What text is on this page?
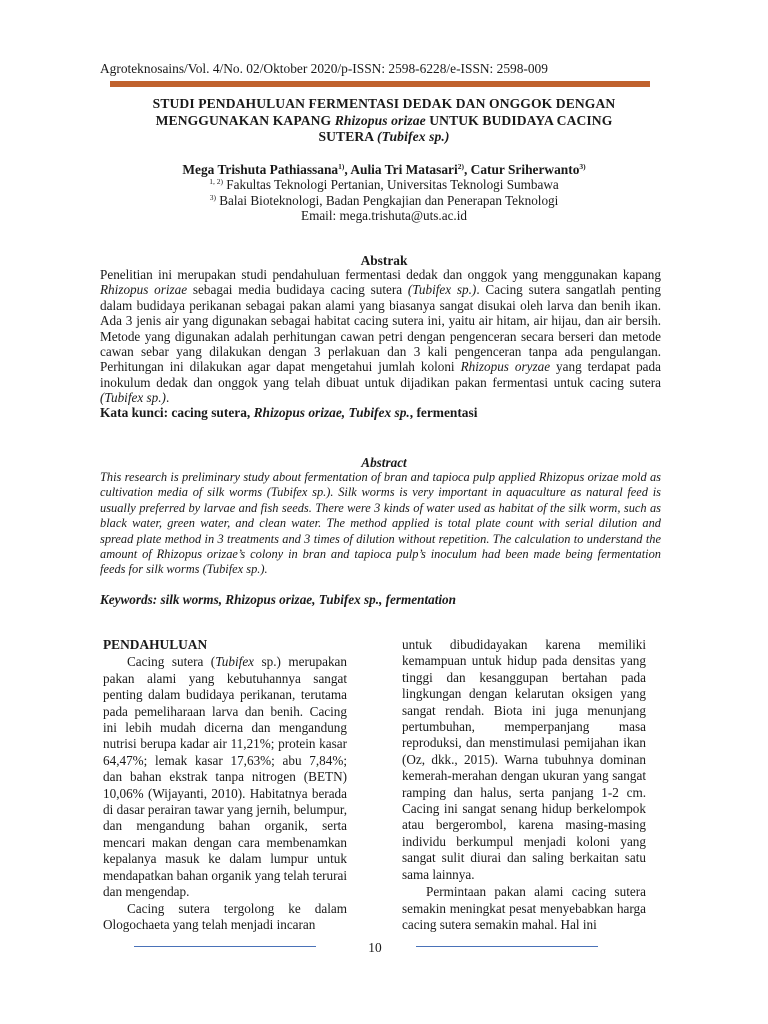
Agroteknosains/Vol. 4/No. 02/Oktober 2020/p-ISSN: 2598-6228/e-ISSN: 2598-009
STUDI PENDAHULUAN FERMENTASI DEDAK DAN ONGGOK DENGAN
MENGGUNAKAN KAPANG Rhizopus orizae UNTUK BUDIDAYA CACING
SUTERA (Tubifex sp.)
Mega Trishuta Pathiassana$^{1)}$, Aulia Tri Matasari$^{2)}$, Catur Sriherwanto$^{3)}$
$^{1, 2)}$ Fakultas Teknologi Pertanian, Universitas Teknologi Sumbawa
$^{3)}$ Balai Bioteknologi, Badan Pengkajian dan Penerapan Teknologi
Email: mega.trishuta@uts.ac.id
Abstrak
Penelitian ini merupakan studi pendahuluan fermentasi dedak dan onggok yang menggunakan kapang Rhizopus orizae sebagai media budidaya cacing sutera (Tubifex sp.). Cacing sutera sangatlah penting dalam budidaya perikanan sebagai pakan alami yang biasanya sangat disukai oleh larva dan benih ikan. Ada 3 jenis air yang digunakan sebagai habitat cacing sutera ini, yaitu air hitam, air hijau, dan air bersih. Metode yang digunakan adalah perhitungan cawan petri dengan pengenceran secara berseri dan metode cawan sebar yang dilakukan dengan 3 perlakuan dan 3 kali pengenceran tanpa ada pengulangan. Perhitungan ini dilakukan agar dapat mengetahui jumlah koloni Rhizopus oryzae yang terdapat pada inokulum dedak dan onggok yang telah dibuat untuk dijadikan pakan fermentasi untuk cacing sutera (Tubifex sp.).
Kata kunci: cacing sutera, Rhizopus orizae, Tubifex sp., fermentasi
Abstract
This research is preliminary study about fermentation of bran and tapioca pulp applied Rhizopus orizae mold as cultivation media of silk worms (Tubifex sp.). Silk worms is very important in aquaculture as natural feed is usually preferred by larvae and fish seeds. There were 3 kinds of water used as habitat of the silk worm, such as black water, green water, and clean water. The method applied is total plate count with serial dilution and spread plate method in 3 treatments and 3 times of dilution without repetition. The calculation to understand the amount of Rhizopus orizae’s colony in bran and tapioca pulp’s inoculum had been made being fermentation feeds for silk worms (Tubifex sp.).
Keywords: silk worms, Rhizopus orizae, Tubifex sp., fermentation
PENDAHULUAN

Cacing sutera (Tubifex sp.) merupakan pakan alami yang kebutuhannya sangat penting dalam budidaya perikanan, terutama pada pemeliharaan larva dan benih. Cacing ini lebih mudah dicerna dan mengandung nutrisi berupa kadar air 11,21%; protein kasar 64,47%; lemak kasar 17,63%; abu 7,84%; dan bahan ekstrak tanpa nitrogen (BETN) 10,06% (Wijayanti, 2010). Habitatnya berada di dasar perairan tawar yang jernih, belumpur, dan mengandung bahan organik, serta mencari makan dengan cara membenamkan kepalanya masuk ke dalam lumpur untuk mendapatkan bahan organik yang telah terurai dan mengendap.

Cacing sutera tergolong ke dalam Ologochaeta yang telah menjadi incaran

untuk dibudidayakan karena memiliki kemampuan untuk hidup pada densitas yang tinggi dan kesanggupan bertahan pada lingkungan dengan kelarutan oksigen yang sangat rendah. Biota ini juga menunjang pertumbuhan, memperpanjang masa reproduksi, dan menstimulasi pemijahan ikan (Oz, dkk., 2015). Warna tubuhnya dominan kemerah-merahan dengan ukuran yang sangat ramping dan halus, serta panjang 1-2 cm. Cacing ini sangat senang hidup berkelompok atau bergerombol, karena masing-masing individu berkumpul menjadi koloni yang sangat sulit diurai dan saling berkaitan satu sama lainnya.

Permintaan pakan alami cacing sutera semakin meningkat pesat menyebabkan harga cacing sutera semakin mahal. Hal ini

10
